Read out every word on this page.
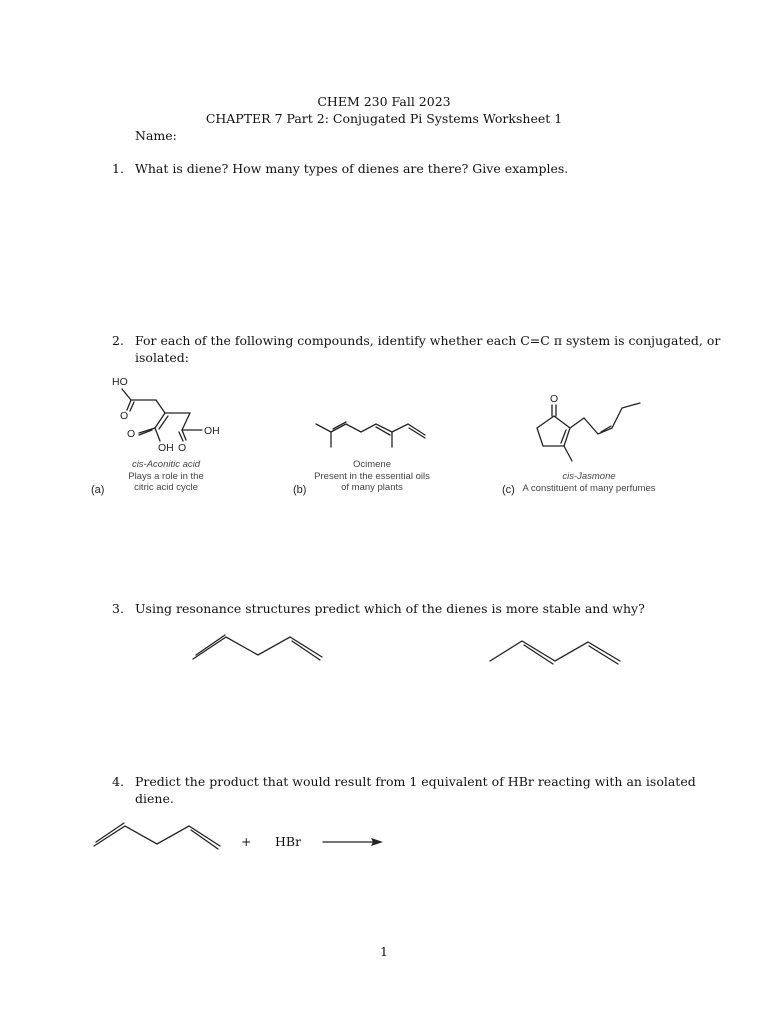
CHEM 230 Fall 2023
CHAPTER 7 Part 2: Conjugated Pi Systems Worksheet 1
Name:
1. What is diene? How many types of dienes are there? Give examples.
2. For each of the following compounds, identify whether each C=C π system is conjugated, or
isolated:
3. Using resonance structures predict which of the dienes is more stable and why?
4. Predict the product that would result from 1 equivalent of HBr reacting with an isolated
diene.
HO
O
OH
O
O
OH
O
(a)
cis-Aconitic acid
Plays a role in the
citric acid cycle	(b)
Ocimene
Present in the essential oils
of many plants	(c)
cis-Jasmone
A constituent of many perfumes
+ HBr
1
